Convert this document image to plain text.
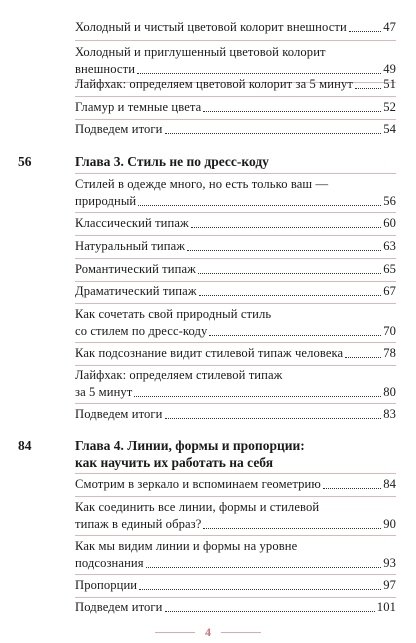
Холодный и чистый цветовой колорит внешности	47
Холодный и приглушенный цветовой колорит
внешности	49
Лайфхак: определяем цветовой колорит за 5 минут 51
Гламур и темные цвета	52
Подведем итоги	54
56	Глава 3. Стиль не по дресс-коду
Стилей в одежде много, но есть только ваш —
природный	56
Классический типаж	60
Натуральный типаж	63
Романтический типаж	65
Драматический типаж	67
Как сочетать свой природный стиль
со стилем по дресс-коду	70
Как подсознание видит стилевой типаж человека	78
Лайфхак: определяем стилевой типаж
за 5 минут	80
Подведем итоги	83
84	Глава 4. Линии, формы и пропорции:
как научить их работать на себя
Смотрим в зеркало и вспоминаем геометрию	84
Как соединить все линии, формы и стилевой
типаж в единый образ?	90
Как мы видим линии и формы на уровне
подсознания	93
Пропорции	97
Подведем итоги	101
4
